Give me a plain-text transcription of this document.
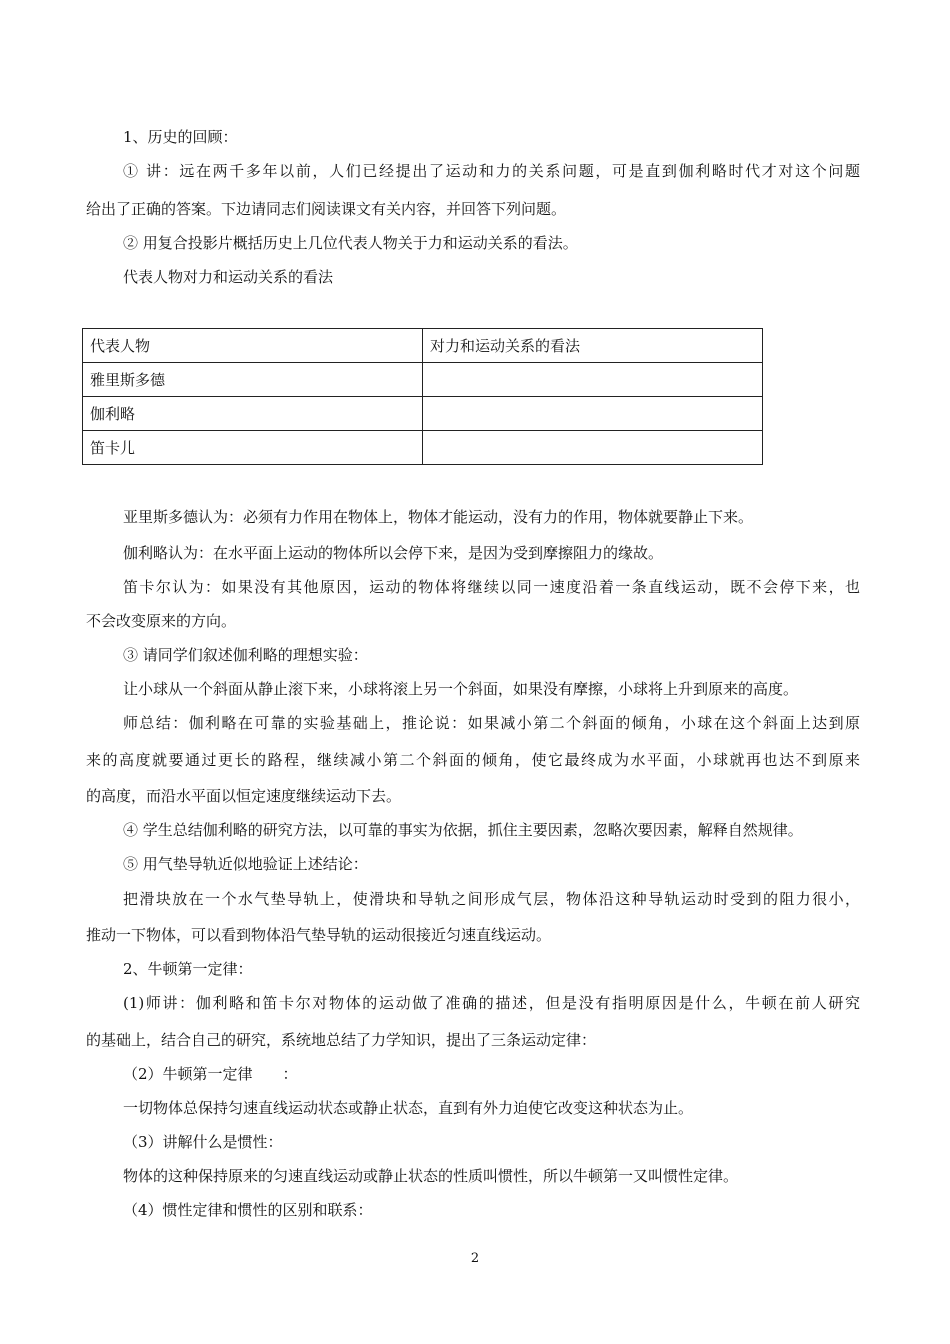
1、历史的回顾：
① 讲：远在两千多年以前，人们已经提出了运动和力的关系问题，可是直到伽利略时代才对这个问题
给出了正确的答案。下边请同志们阅读课文有关内容，并回答下列问题。
② 用复合投影片概括历史上几位代表人物关于力和运动关系的看法。
代表人物对力和运动关系的看法
代表人物	对力和运动关系的看法
雅里斯多德	
伽利略	
笛卡儿	
亚里斯多德认为：必须有力作用在物体上，物体才能运动，没有力的作用，物体就要静止下来。
伽利略认为：在水平面上运动的物体所以会停下来，是因为受到摩擦阻力的缘故。
笛卡尔认为：如果没有其他原因，运动的物体将继续以同一速度沿着一条直线运动，既不会停下来，也
不会改变原来的方向。
③ 请同学们叙述伽利略的理想实验：
让小球从一个斜面从静止滚下来，小球将滚上另一个斜面，如果没有摩擦，小球将上升到原来的高度。
师总结：伽利略在可靠的实验基础上，推论说：如果减小第二个斜面的倾角，小球在这个斜面上达到原
来的高度就要通过更长的路程，继续减小第二个斜面的倾角，使它最终成为水平面，小球就再也达不到原来
的高度，而沿水平面以恒定速度继续运动下去。
④ 学生总结伽利略的研究方法，以可靠的事实为依据，抓住主要因素，忽略次要因素，解释自然规律。
⑤ 用气垫导轨近似地验证上述结论：
把滑块放在一个水气垫导轨上，使滑块和导轨之间形成气层，物体沿这种导轨运动时受到的阻力很小，
推动一下物体，可以看到物体沿气垫导轨的运动很接近匀速直线运动。
2、牛顿第一定律：
(1)师讲：伽利略和笛卡尔对物体的运动做了准确的描述，但是没有指明原因是什么，牛顿在前人研究
的基础上，结合自己的研究，系统地总结了力学知识，提出了三条运动定律：
（2）牛顿第一定律　　：
一切物体总保持匀速直线运动状态或静止状态，直到有外力迫使它改变这种状态为止。
（3）讲解什么是惯性：
物体的这种保持原来的匀速直线运动或静止状态的性质叫惯性，所以牛顿第一又叫惯性定律。
（4）惯性定律和惯性的区别和联系：
2
